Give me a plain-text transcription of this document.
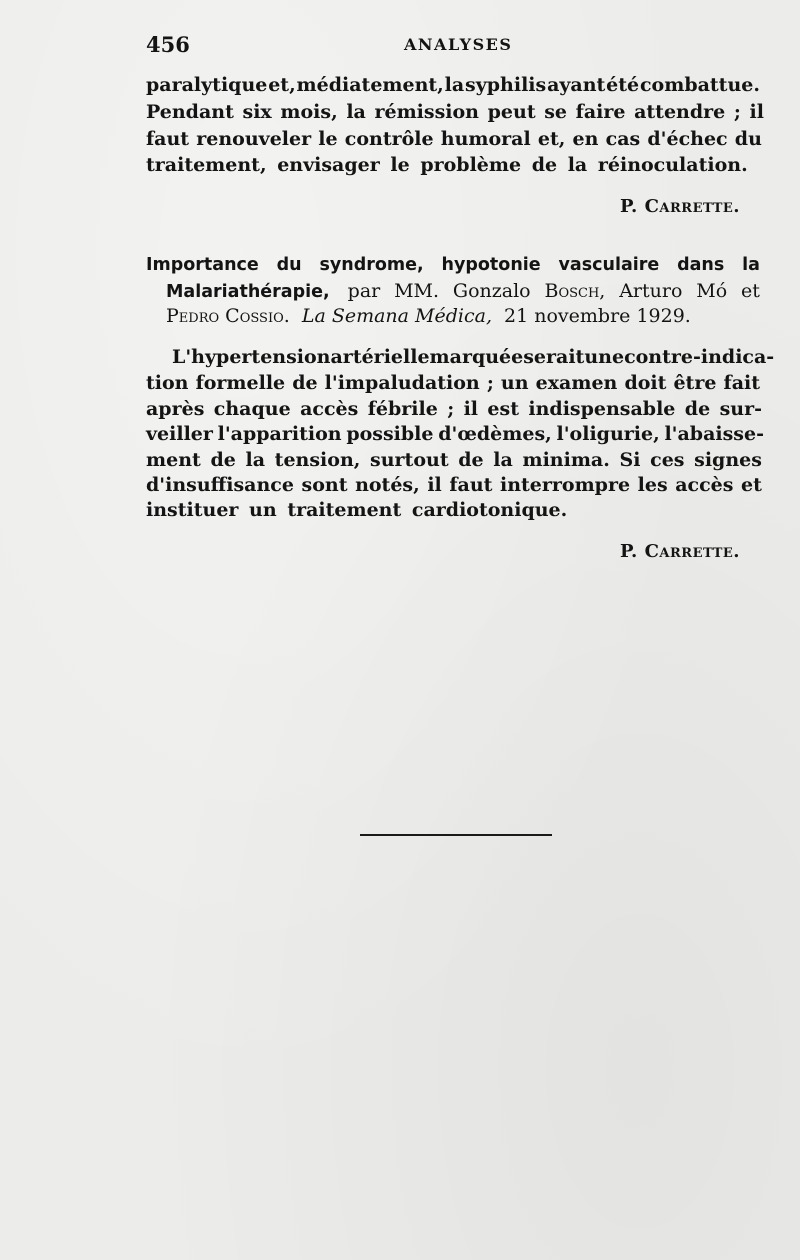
456	ANALYSES
paralytique et, médiatement, la syphilis ayant été combattue.
Pendant six mois, la rémission peut se faire attendre ; il
faut renouveler le contrôle humoral et, en cas d'échec du
traitement, envisager le problème de la réinoculation.
P. Carrette.
Importance du syndrome, hypotonie vasculaire dans la
Malariathérapie, par MM. Gonzalo Bosch, Arturo Mó et
Pedro Cossio. La Semana Médica, 21 novembre 1929.
L'hypertension artérielle marquée serait une contre-indica-
tion formelle de l'impaludation ; un examen doit être fait
après chaque accès fébrile ; il est indispensable de sur-
veiller l'apparition possible d'œdèmes, l'oligurie, l'abaisse-
ment de la tension, surtout de la minima. Si ces signes
d'insuffisance sont notés, il faut interrompre les accès et
instituer un traitement cardiotonique.
P. Carrette.
